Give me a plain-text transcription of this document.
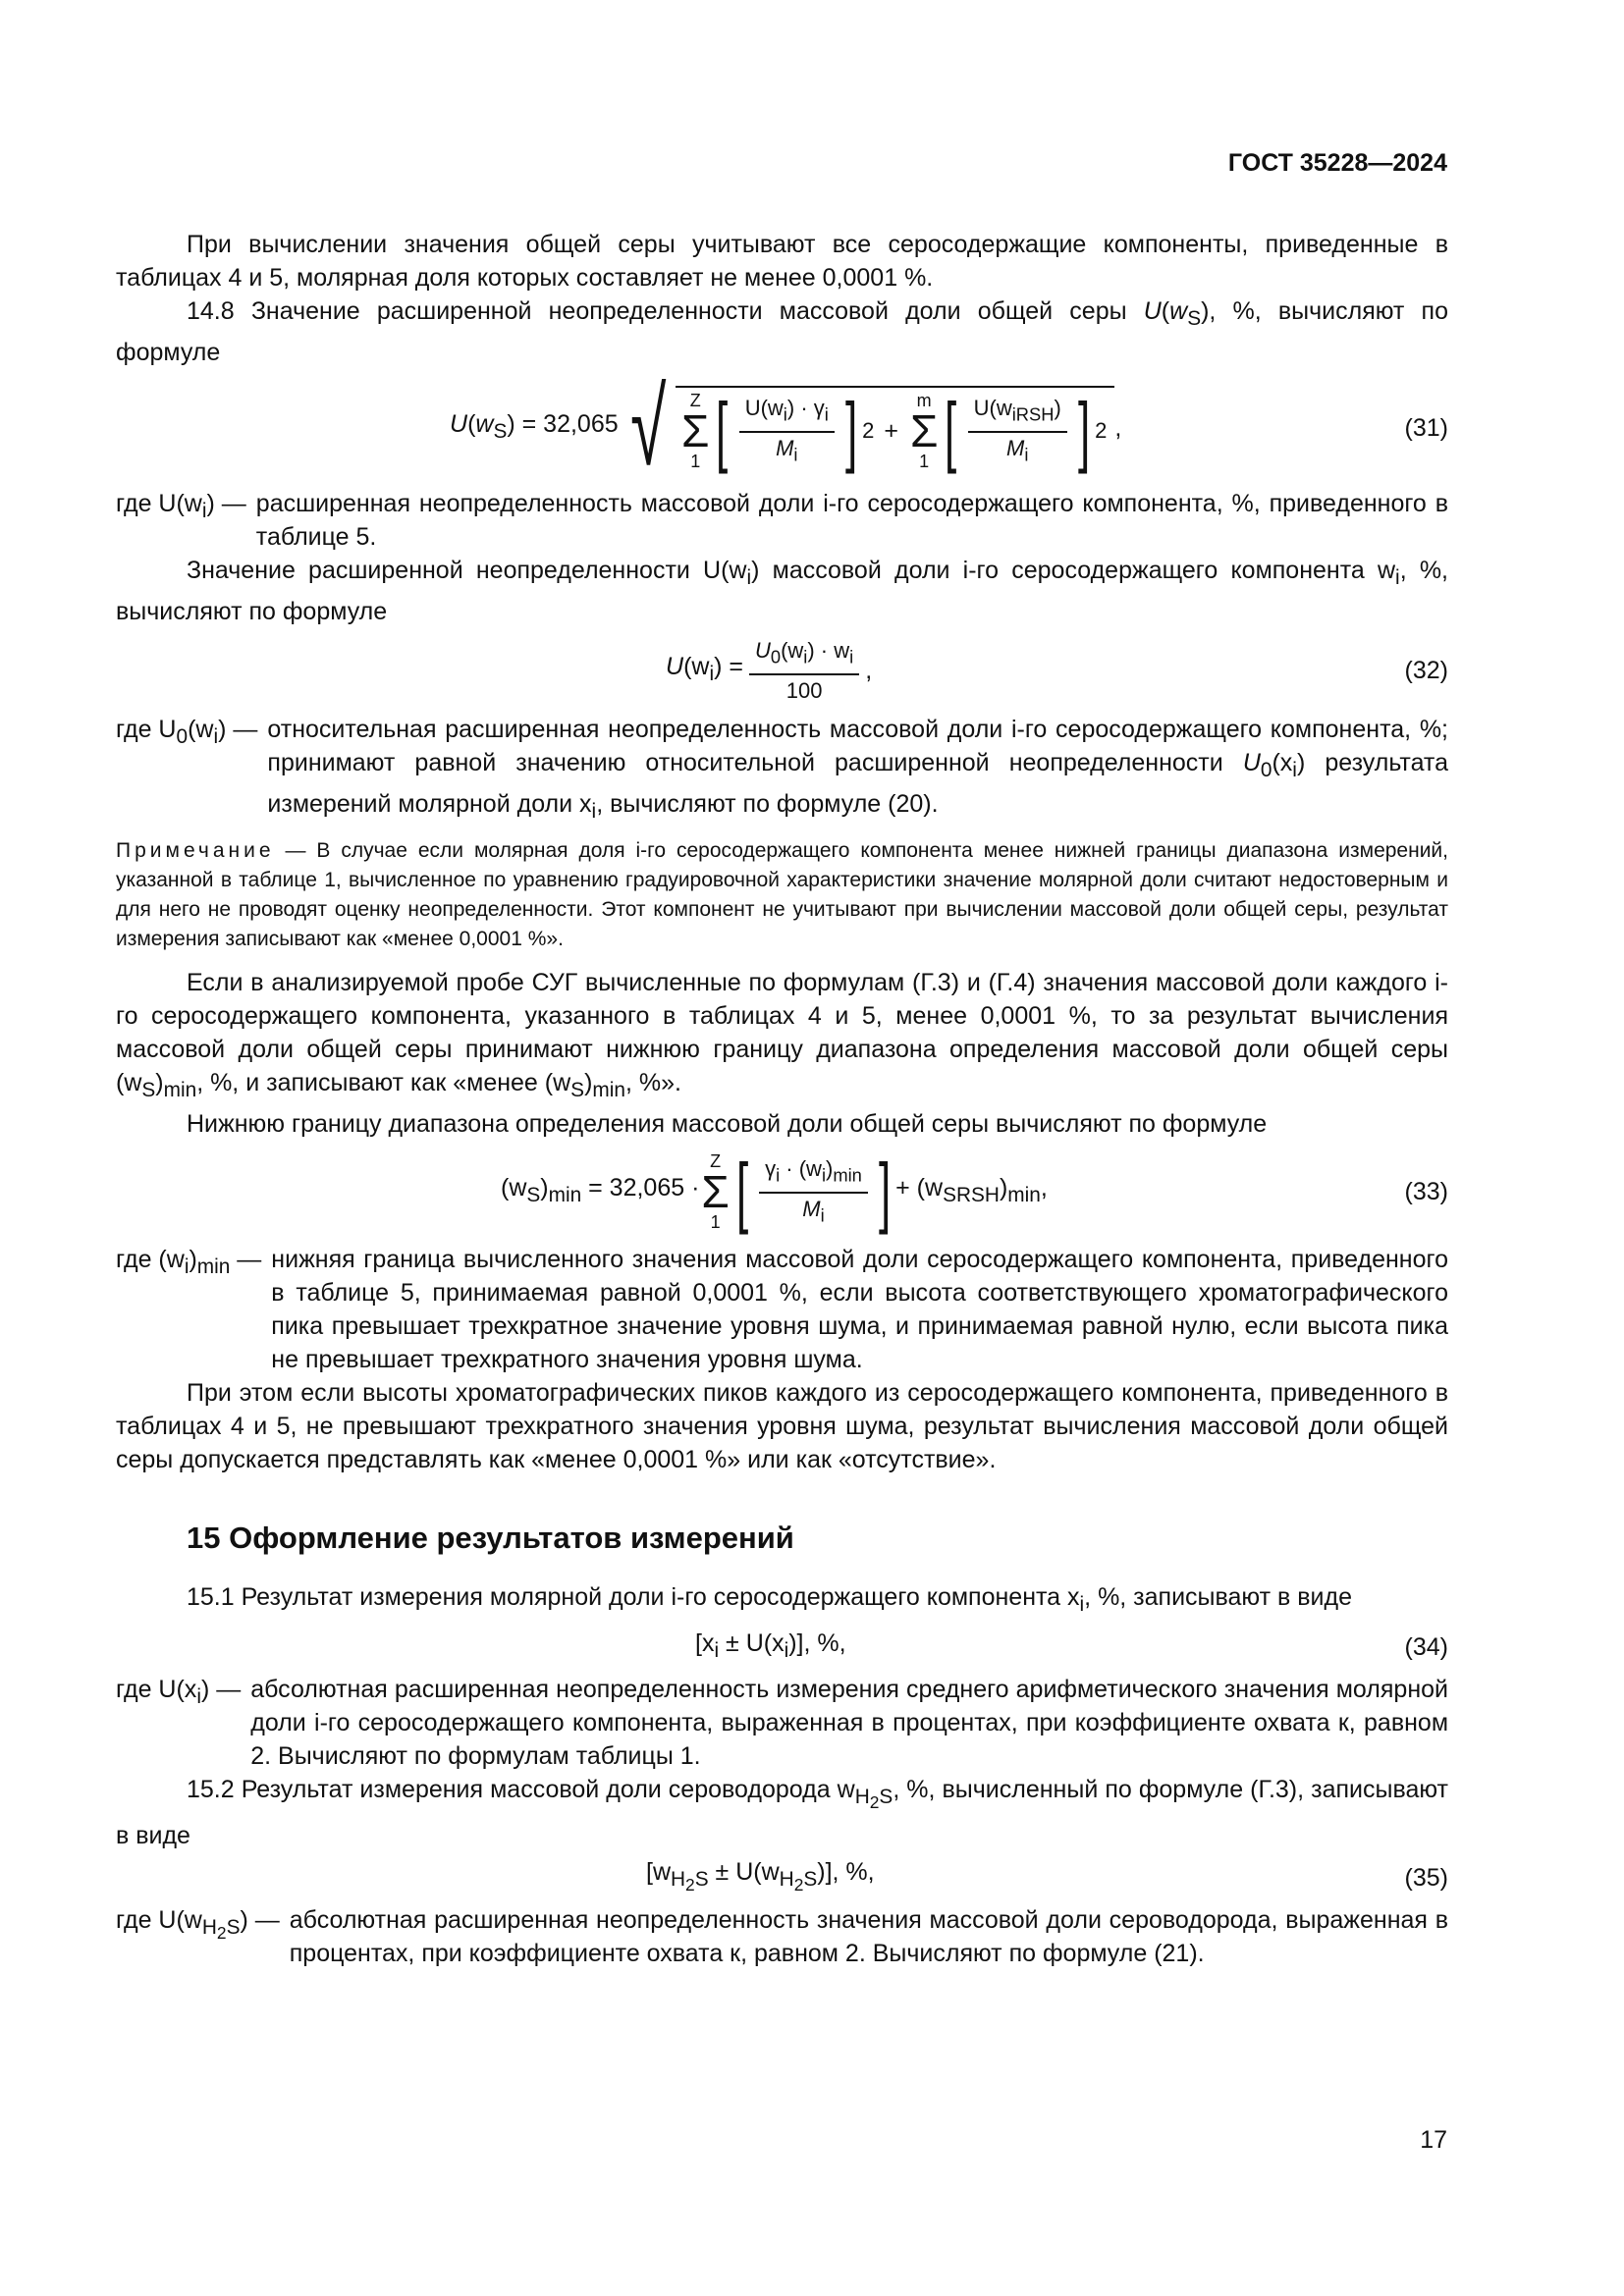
ГОСТ 35228—2024

При вычислении значения общей серы учитывают все серосодержащие компоненты, приведенные в таблицах 4 и 5, молярная доля которых составляет не менее 0,0001 %.

14.8 Значение расширенной неопределенности массовой доли общей серы $U(w_S)$, %, вычисляют по формуле

$U(w_S) = 32,065$ √ Z
Σ
1 [ $\frac{U(w_i) \cdot \gamma_i}{M_i}$ ] 2 +
m
Σ
1 [ $\frac{U(w_{iRSH})}{M_i}$ ] 2 ,	(31)
где $U(w_i)$ — расширенная неопределенность массовой доли i-го серосодержащего компонента, %, приведенного в таблице 5.

Значение расширенной неопределенности $U(w_i)$ массовой доли i-го серосодержащего компонента $w_i$, %, вычисляют по формуле

$U(w_i) = \frac{U_0(w_i) \cdot w_i}{100}$ ,	(32)
где $U_0(w_i)$ — относительная расширенная неопределенность массовой доли i-го серосодержащего компонента, %; принимают равной значению относительной расширенной неопределенности $U_0(x_i)$ результата измерений молярной доли $x_i$, вычисляют по формуле (20).
Примечание — В случае если молярная доля i-го серосодержащего компонента менее нижней границы диапазона измерений, указанной в таблице 1, вычисленное по уравнению градуировочной характеристики значение молярной доли считают недостоверным и для него не проводят оценку неопределенности. Этот компонент не учитывают при вычислении массовой доли общей серы, результат измерения записывают как «менее 0,0001 %».

Если в анализируемой пробе СУГ вычисленные по формулам (Г.3) и (Г.4) значения массовой доли каждого i-го серосодержащего компонента, указанного в таблицах 4 и 5, менее 0,0001 %, то за результат вычисления массовой доли общей серы принимают нижнюю границу диапазона определения массовой доли общей серы $(w_S)_{min}$, %, и записывают как «менее $(w_S)_{min}$, %».

Нижнюю границу диапазона определения массовой доли общей серы вычисляют по формуле

$(w_S)_{min} = 32,065$ ·
Z
Σ
1 [ $\frac{\gamma_i \cdot (w_i)_{min}}{M_i}$ ] + $(w_{SRSH})_{min}$,	(33)
где $(w_i)_{min}$ — нижняя граница вычисленного значения массовой доли серосодержащего компонента, приведенного в таблице 5, принимаемая равной 0,0001 %, если высота соответствующего хроматографического пика превышает трехкратное значение уровня шума, и принимаемая равной нулю, если высота пика не превышает трехкратного значения уровня шума.

При этом если высоты хроматографических пиков каждого из серосодержащего компонента, приведенного в таблицах 4 и 5, не превышают трехкратного значения уровня шума, результат вычисления массовой доли общей серы допускается представлять как «менее 0,0001 %» или как «отсутствие».

15 Оформление результатов измерений

15.1 Результат измерения молярной доли i-го серосодержащего компонента $x_i$, %, записывают в виде

$[x_i \pm U(x_i)]$, %,	(34)
где $U(x_i)$ — абсолютная расширенная неопределенность измерения среднего арифметического значения молярной доли i-го серосодержащего компонента, выраженная в процентах, при коэффициенте охвата к, равном 2. Вычисляют по формулам таблицы 1.

15.2 Результат измерения массовой доли сероводорода $w_{H_2S}$, %, вычисленный по формуле (Г.3), записывают в виде

$[w_{H_2S} \pm U(w_{H_2S})]$, %,	(35)
где $U(w_{H_2S})$ — абсолютная расширенная неопределенность значения массовой доли сероводорода, выраженная в процентах, при коэффициенте охвата к, равном 2. Вычисляют по формуле (21).
17
